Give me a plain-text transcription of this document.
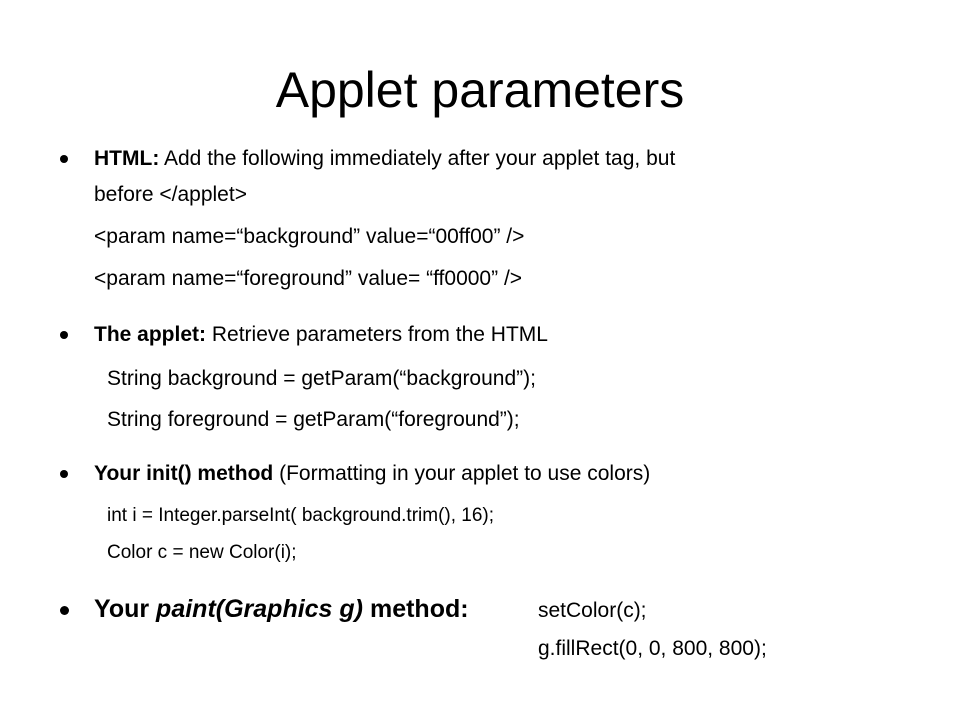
Applet parameters
HTML: Add the following immediately after your applet tag, but
before </applet>
<param name=“background” value=“00ff00” />
<param name=“foreground” value= “ff0000” />
The applet: Retrieve parameters from the HTML
String background = getParam(“background”);
String foreground = getParam(“foreground”);
Your init() method (Formatting in your applet to use colors)
int i = Integer.parseInt( background.trim(), 16);
Color c = new Color(i);
Your paint(Graphics g) method:	setColor(c);
g.fillRect(0, 0, 800, 800);
